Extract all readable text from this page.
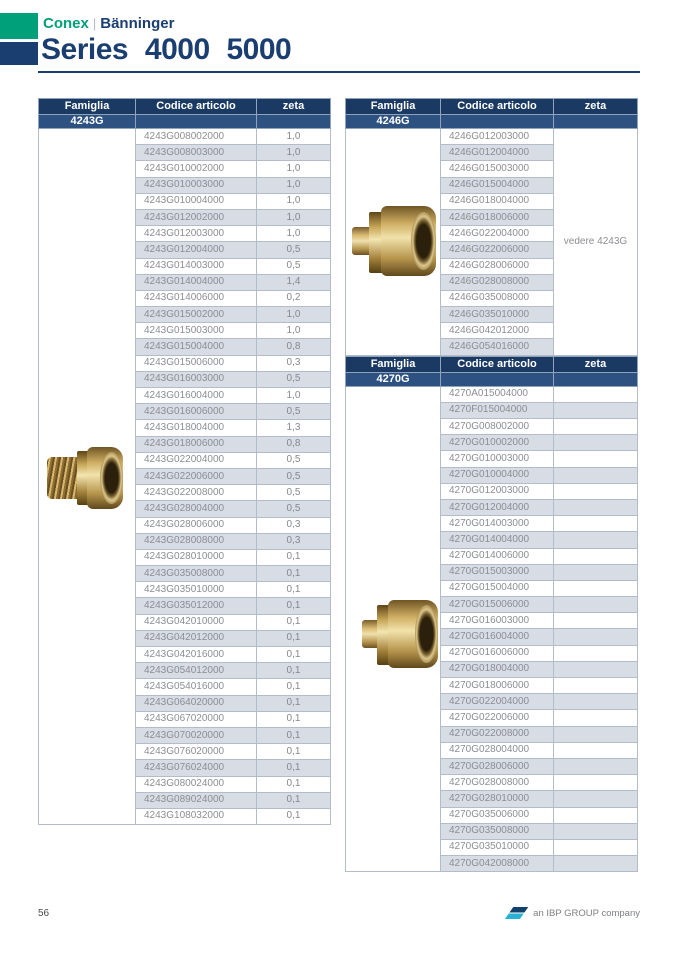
Conex | Bänninger
Series 4000 5000
Famiglia	Codice articolo	zeta
4243G		
	4243G008002000	1,0
	4243G008003000	1,0
	4243G010002000	1,0
	4243G010003000	1,0
	4243G010004000	1,0
	4243G012002000	1,0
	4243G012003000	1,0
	4243G012004000	0,5
	4243G014003000	0,5
	4243G014004000	1,4
	4243G014006000	0,2
	4243G015002000	1,0
	4243G015003000	1,0
	4243G015004000	0,8
	4243G015006000	0,3
	4243G016003000	0,5
	4243G016004000	1,0
	4243G016006000	0,5
	4243G018004000	1,3
	4243G018006000	0,8
	4243G022004000	0,5
	4243G022006000	0,5
	4243G022008000	0,5
	4243G028004000	0,5
	4243G028006000	0,3
	4243G028008000	0,3
	4243G028010000	0,1
	4243G035008000	0,1
	4243G035010000	0,1
	4243G035012000	0,1
	4243G042010000	0,1
	4243G042012000	0,1
	4243G042016000	0,1
	4243G054012000	0,1
	4243G054016000	0,1
	4243G064020000	0,1
	4243G067020000	0,1
	4243G070020000	0,1
	4243G076020000	0,1
	4243G076024000	0,1
	4243G080024000	0,1
	4243G089024000	0,1
	4243G108032000	0,1
Famiglia	Codice articolo	zeta
4246G		
	4246G012003000	vedere 4243G
	4246G012004000	
	4246G015003000	
	4246G015004000	
	4246G018004000	
	4246G018006000	
	4246G022004000	
	4246G022006000	
	4246G028006000	
	4246G028008000	
	4246G035008000	
	4246G035010000	
	4246G042012000	
	4246G054016000	
Famiglia	Codice articolo	zeta
4270G		
	4270A015004000	
	4270F015004000	
	4270G008002000	
	4270G010002000	
	4270G010003000	
	4270G010004000	
	4270G012003000	
	4270G012004000	
	4270G014003000	
	4270G014004000	
	4270G014006000	
	4270G015003000	
	4270G015004000	
	4270G015006000	
	4270G016003000	
	4270G016004000	
	4270G016006000	
	4270G018004000	
	4270G018006000	
	4270G022004000	
	4270G022006000	
	4270G022008000	
	4270G028004000	
	4270G028006000	
	4270G028008000	
	4270G028010000	
	4270G035006000	
	4270G035008000	
	4270G035010000	
	4270G042008000	
56	an IBP GROUP company
